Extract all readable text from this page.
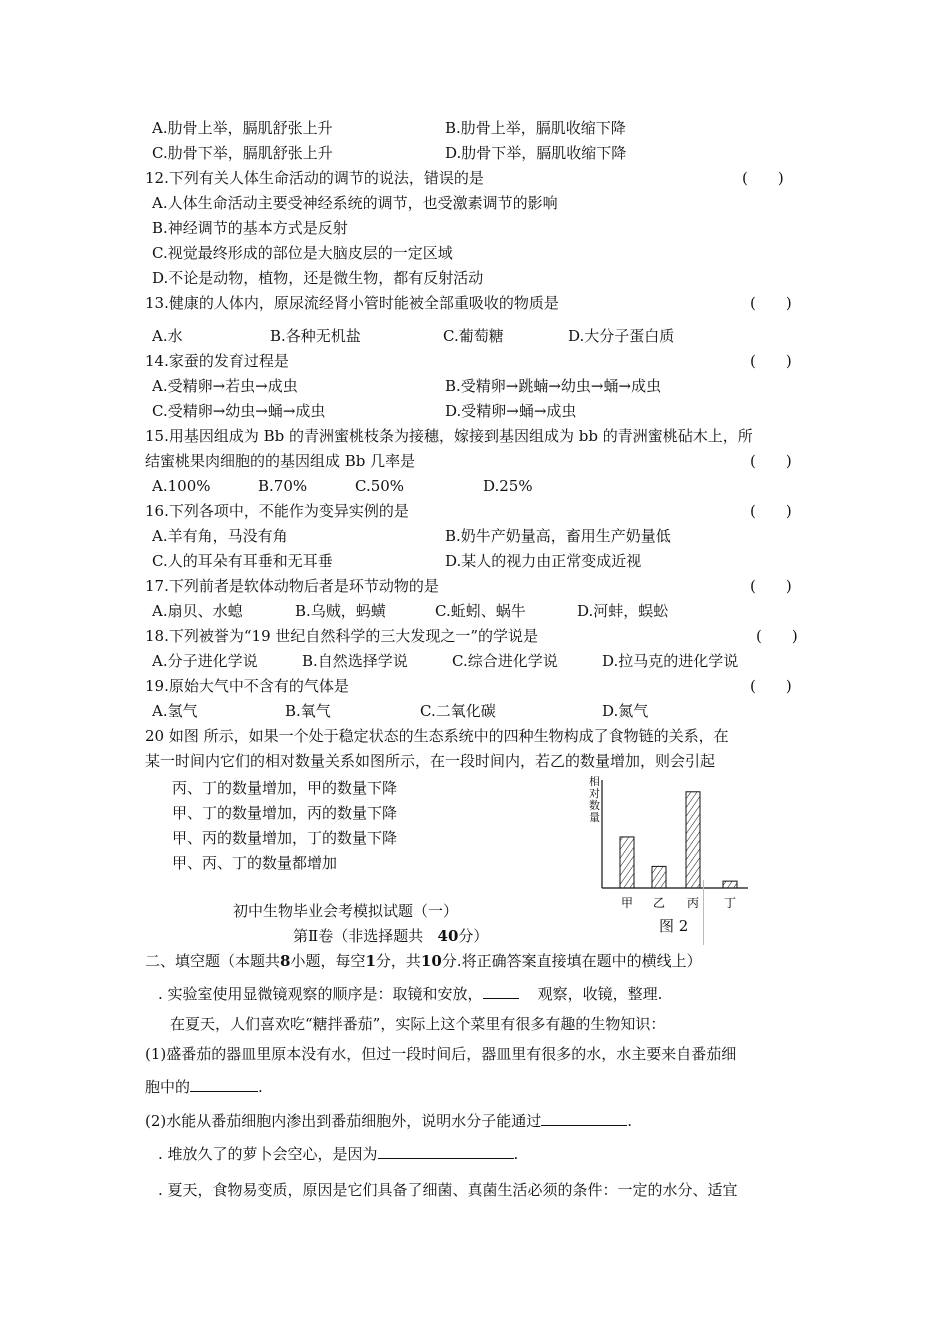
A.肋骨上举，膈肌舒张上升	B.肋骨上举，膈肌收缩下降
C.肋骨下举，膈肌舒张上升	D.肋骨下举，膈肌收缩下降
12.下列有关人体生命活动的调节的说法，错误的是	(　　)
A.人体生命活动主要受神经系统的调节，也受激素调节的影响
B.神经调节的基本方式是反射
C.视觉最终形成的部位是大脑皮层的一定区域
D.不论是动物，植物，还是微生物，都有反射活动
13.健康的人体内，原尿流经肾小管时能被全部重吸收的物质是	(　　)
A.水	B.各种无机盐	C.葡萄糖	D.大分子蛋白质
14.家蚕的发育过程是	(　　)
A.受精卵→若虫→成虫	B.受精卵→跳蝻→幼虫→蛹→成虫
C.受精卵→幼虫→蛹→成虫	D.受精卵→蛹→成虫
15.用基因组成为 Bb 的青洲蜜桃枝条为接穗，嫁接到基因组成为 bb 的青洲蜜桃砧木上，所
结蜜桃果肉细胞的的基因组成 Bb 几率是	(　　)
A.100%	B.70%	C.50%	D.25%
16.下列各项中，不能作为变异实例的是	(　　)
A.羊有角，马没有角	B.奶牛产奶量高，畜用生产奶量低
C.人的耳朵有耳垂和无耳垂	D.某人的视力由正常变成近视
17.下列前者是软体动物后者是环节动物的是	(　　)
A.扇贝、水螅	B.乌贼，蚂蟥	C.蚯蚓、蜗牛	D.河蚌，蜈蚣
18.下列被誉为“19 世纪自然科学的三大发现之一”的学说是	(　　)
A.分子进化学说	B.自然选择学说	C.综合进化学说	D.拉马克的进化学说
19.原始大气中不含有的气体是	(　　)
A.氢气	B.氧气	C.二氧化碳	D.氮气
20 如图 所示，如果一个处于稳定状态的生态系统中的四种生物构成了食物链的关系，在
某一时间内它们的相对数量关系如图所示，在一段时间内，若乙的数量增加，则会引起
丙、丁的数量增加，甲的数量下降
甲、丁的数量增加，丙的数量下降
甲、丙的数量增加，丁的数量下降
甲、丙、丁的数量都增加
甲 乙 丙 丁
相对数量
图 2
初中生物毕业会考模拟试题（一）
第Ⅱ卷（非选择题共 40分）
二、填空题（本题共8小题，每空1分，共10分.将正确答案直接填在题中的横线上）
. 实验室使用显微镜观察的顺序是：取镜和安放，	观察，收镜，整理.
在夏天，人们喜欢吃“糖拌番茄”，实际上这个菜里有很多有趣的生物知识：
(1)盛番茄的器皿里原本没有水，但过一段时间后，器皿里有很多的水，水主要来自番茄细
胞中的	.
(2)水能从番茄细胞内渗出到番茄细胞外，说明水分子能通过	.
. 堆放久了的萝卜会空心，是因为	.
. 夏天，食物易变质，原因是它们具备了细菌、真菌生活必须的条件：一定的水分、适宜
